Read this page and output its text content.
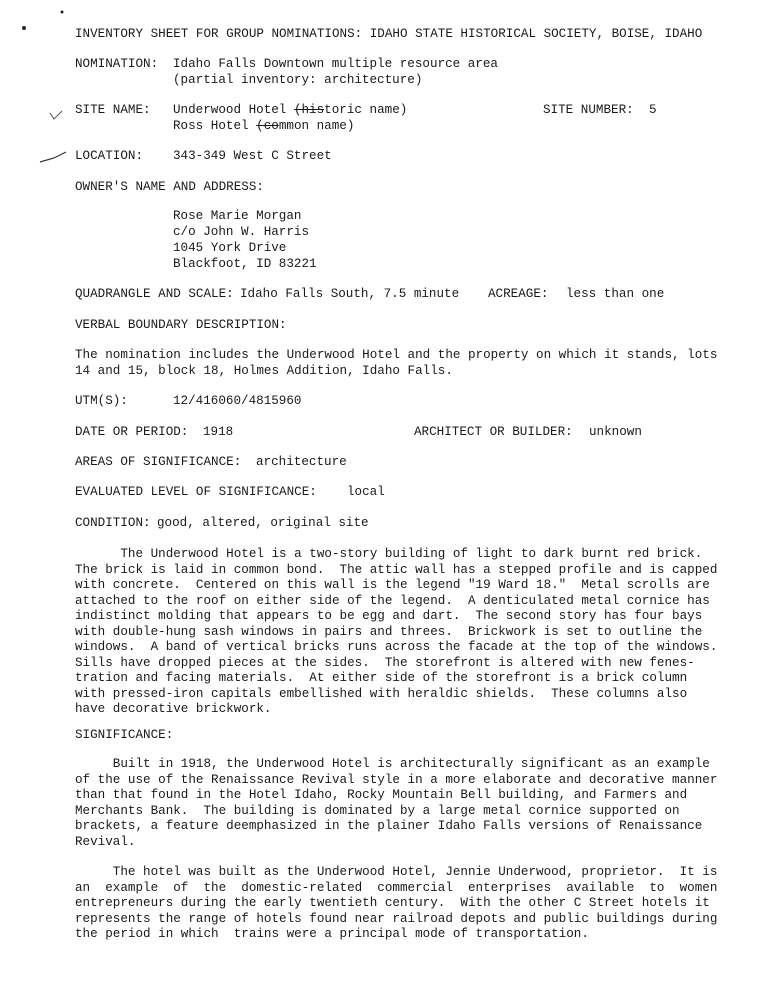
INVENTORY SHEET FOR GROUP NOMINATIONS: IDAHO STATE HISTORICAL SOCIETY, BOISE, IDAHO
NOMINATION: Idaho Falls Downtown multiple resource area
(partial inventory: architecture)
SITE NAME: Underwood Hotel (historic name)
Ross Hotel (common name)
SITE NUMBER: 5
LOCATION: 343-349 West C Street
OWNER'S NAME AND ADDRESS:
Rose Marie Morgan
c/o John W. Harris
1045 York Drive
Blackfoot, ID 83221
QUADRANGLE AND SCALE: Idaho Falls South, 7.5 minute ACREAGE: less than one
VERBAL BOUNDARY DESCRIPTION:
The nomination includes the Underwood Hotel and the property on which it stands, lots
14 and 15, block 18, Holmes Addition, Idaho Falls.
UTM(S):	12/416060/4815960
DATE OR PERIOD: 1918	ARCHITECT OR BUILDER: unknown
AREAS OF SIGNIFICANCE: architecture
EVALUATED LEVEL OF SIGNIFICANCE: local
CONDITION: good, altered, original site
The Underwood Hotel is a two-story building of light to dark burnt red brick.
The brick is laid in common bond.  The attic wall has a stepped profile and is capped
with concrete.  Centered on this wall is the legend "19 Ward 18."  Metal scrolls are
attached to the roof on either side of the legend.  A denticulated metal cornice has
indistinct molding that appears to be egg and dart.  The second story has four bays
with double-hung sash windows in pairs and threes.  Brickwork is set to outline the
windows.  A band of vertical bricks runs across the facade at the top of the windows.
Sills have dropped pieces at the sides.  The storefront is altered with new fenes-
tration and facing materials.  At either side of the storefront is a brick column
with pressed-iron capitals embellished with heraldic shields.  These columns also
have decorative brickwork.
SIGNIFICANCE:
Built in 1918, the Underwood Hotel is architecturally significant as an example
of the use of the Renaissance Revival style in a more elaborate and decorative manner
than that found in the Hotel Idaho, Rocky Mountain Bell building, and Farmers and
Merchants Bank.  The building is dominated by a large metal cornice supported on
brackets, a feature deemphasized in the plainer Idaho Falls versions of Renaissance
Revival.
The hotel was built as the Underwood Hotel, Jennie Underwood, proprietor.  It is
an  example  of  the  domestic-related  commercial  enterprises  available  to  women
entrepreneurs during the early twentieth century.  With the other C Street hotels it
represents the range of hotels found near railroad depots and public buildings during
the period in which  trains were a principal mode of transportation.
